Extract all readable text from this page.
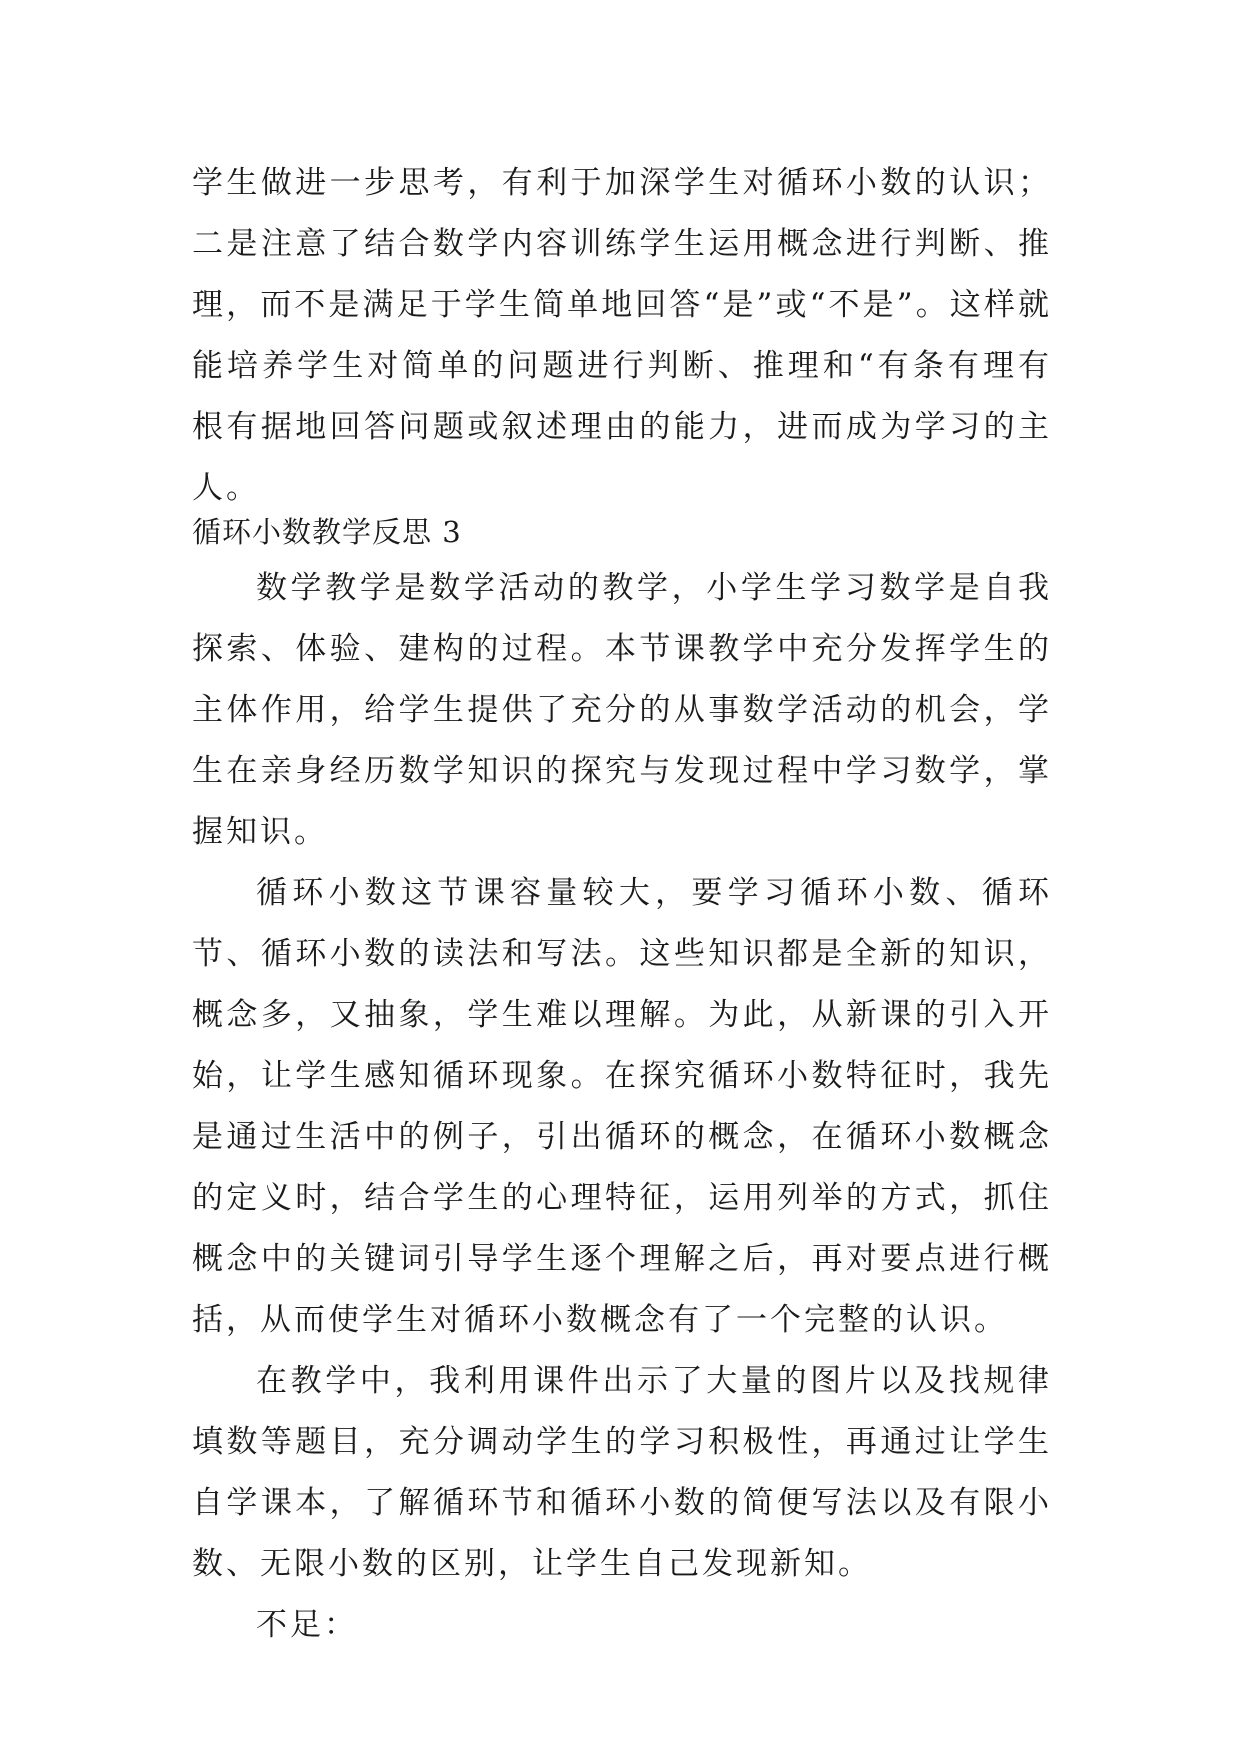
学生做进一步思考，有利于加深学生对循环小数的认识；二是注意了结合数学内容训练学生运用概念进行判断、推理，而不是满足于学生简单地回答“是”或“不是”。这样就能培养学生对简单的问题进行判断、推理和“有条有理有根有据地回答问题或叙述理由的能力，进而成为学习的主人。

循环小数教学反思 3

数学教学是数学活动的教学，小学生学习数学是自我探索、体验、建构的过程。本节课教学中充分发挥学生的主体作用，给学生提供了充分的从事数学活动的机会，学生在亲身经历数学知识的探究与发现过程中学习数学，掌握知识。

循环小数这节课容量较大，要学习循环小数、循环节、循环小数的读法和写法。这些知识都是全新的知识，概念多，又抽象，学生难以理解。为此，从新课的引入开始，让学生感知循环现象。在探究循环小数特征时，我先是通过生活中的例子，引出循环的概念，在循环小数概念的定义时，结合学生的心理特征，运用列举的方式，抓住概念中的关键词引导学生逐个理解之后，再对要点进行概括，从而使学生对循环小数概念有了一个完整的认识。

在教学中，我利用课件出示了大量的图片以及找规律填数等题目，充分调动学生的学习积极性，再通过让学生自学课本，了解循环节和循环小数的简便写法以及有限小数、无限小数的区别，让学生自己发现新知。

不足：
